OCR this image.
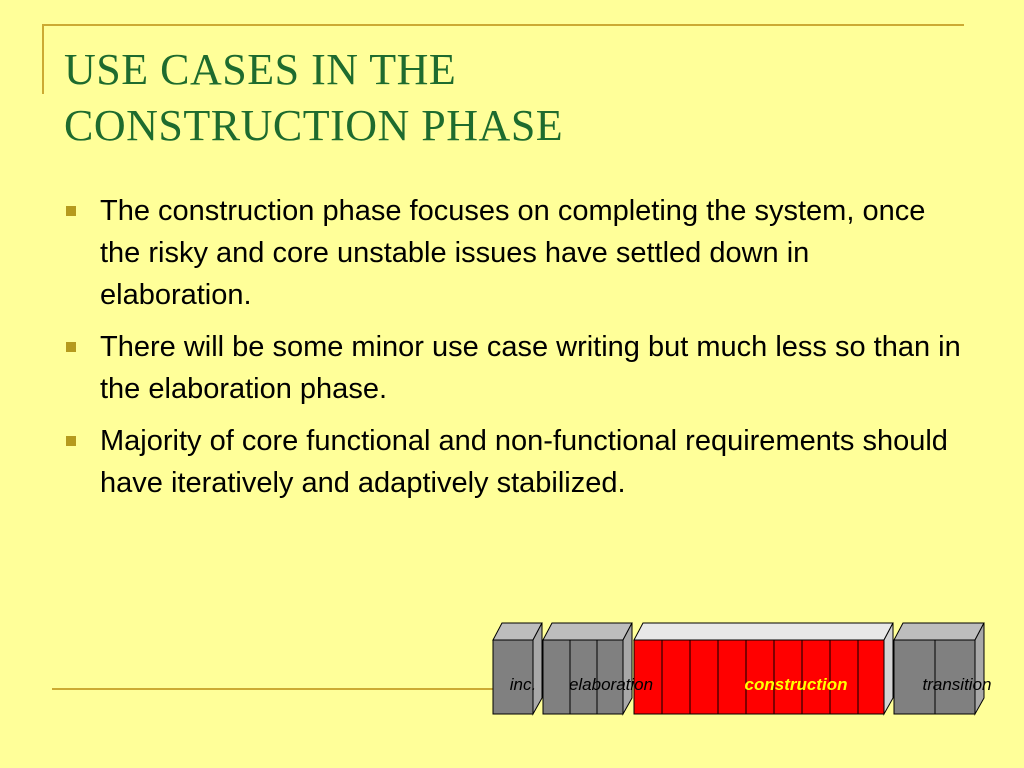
USE CASES IN THE
CONSTRUCTION PHASE
The construction phase focuses on completing the system, once the risky and core unstable issues have settled down in elaboration.
There will be some minor use case writing but much less so than in the elaboration phase.
Majority of core functional and non-functional requirements should have iteratively and adaptively stabilized.
inc. elaboration	construction	transition
